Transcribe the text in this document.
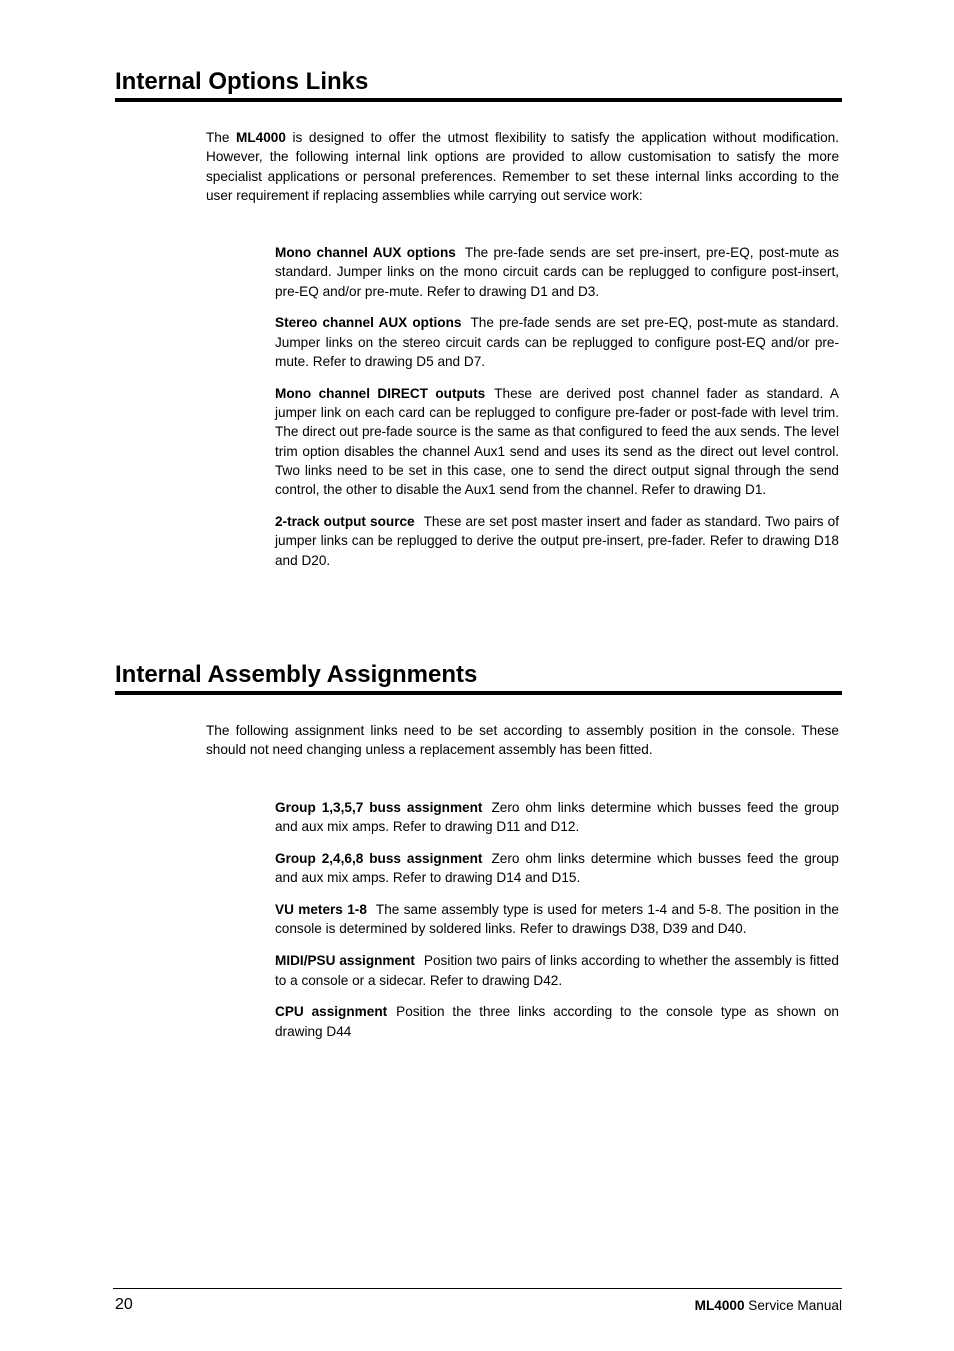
Internal Options Links

The ML4000 is designed to offer the utmost flexibility to satisfy the application without modification. However, the following internal link options are provided to allow customisation to satisfy the more specialist applications or personal preferences. Remember to set these internal links according to the user requirement if replacing assemblies while carrying out service work:

Mono channel AUX options The pre-fade sends are set pre-insert, pre-EQ, post-mute as standard. Jumper links on the mono circuit cards can be replugged to configure post-insert, pre-EQ and/or pre-mute. Refer to drawing D1 and D3.

Stereo channel AUX options The pre-fade sends are set pre-EQ, post-mute as standard. Jumper links on the stereo circuit cards can be replugged to configure post-EQ and/or pre-mute. Refer to drawing D5 and D7.

Mono channel DIRECT outputs These are derived post channel fader as standard. A jumper link on each card can be replugged to configure pre-fader or post-fade with level trim. The direct out pre-fade source is the same as that configured to feed the aux sends. The level trim option disables the channel Aux1 send and uses its send as the direct out level control. Two links need to be set in this case, one to send the direct output signal through the send control, the other to disable the Aux1 send from the channel. Refer to drawing D1.

2-track output source These are set post master insert and fader as standard. Two pairs of jumper links can be replugged to derive the output pre-insert, pre-fader. Refer to drawing D18 and D20.

Internal Assembly Assignments

The following assignment links need to be set according to assembly position in the console. These should not need changing unless a replacement assembly has been fitted.

Group 1,3,5,7 buss assignment Zero ohm links determine which busses feed the group and aux mix amps. Refer to drawing D11 and D12.

Group 2,4,6,8 buss assignment Zero ohm links determine which busses feed the group and aux mix amps. Refer to drawing D14 and D15.

VU meters 1-8 The same assembly type is used for meters 1-4 and 5-8. The position in the console is determined by soldered links. Refer to drawings D38, D39 and D40.

MIDI/PSU assignment Position two pairs of links according to whether the assembly is fitted to a console or a sidecar. Refer to drawing D42.

CPU assignment Position the three links according to the console type as shown on drawing D44

20	ML4000 Service Manual
